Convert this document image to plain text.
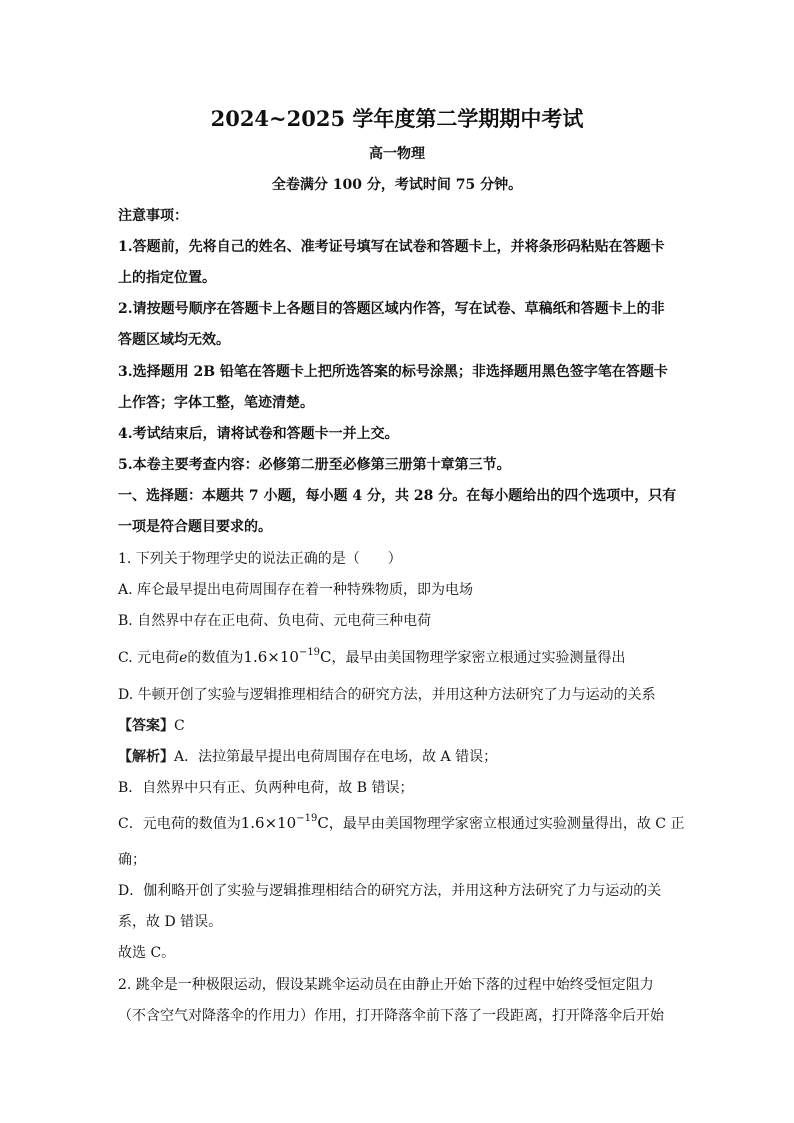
2024~2025 学年度第二学期期中考试
高一物理
全卷满分 100 分，考试时间 75 分钟。
注意事项：
1.答题前，先将自己的姓名、准考证号填写在试卷和答题卡上，并将条形码粘贴在答题卡
上的指定位置。
2.请按题号顺序在答题卡上各题目的答题区域内作答，写在试卷、草稿纸和答题卡上的非
答题区域均无效。
3.选择题用 2B 铅笔在答题卡上把所选答案的标号涂黑；非选择题用黑色签字笔在答题卡
上作答；字体工整，笔迹清楚。
4.考试结束后，请将试卷和答题卡一并上交。
5.本卷主要考查内容：必修第二册至必修第三册第十章第三节。
一、选择题：本题共 7 小题，每小题 4 分，共 28 分。在每小题给出的四个选项中，只有
一项是符合题目要求的。
1. 下列关于物理学史的说法正确的是（　　）
A. 库仑最早提出电荷周围存在着一种特殊物质，即为电场
B. 自然界中存在正电荷、负电荷、元电荷三种电荷
C. 元电荷e的数值为$1.6\times 10^{-19}C$，最早由美国物理学家密立根通过实验测量得出
D. 牛顿开创了实验与逻辑推理相结合的研究方法，并用这种方法研究了力与运动的关系
【答案】C
【解析】A．法拉第最早提出电荷周围存在电场，故 A 错误；
B．自然界中只有正、负两种电荷，故 B 错误；
C．元电荷的数值为$1.6\times 10^{-19}C$，最早由美国物理学家密立根通过实验测量得出，故 C 正
确；
D．伽利略开创了实验与逻辑推理相结合的研究方法，并用这种方法研究了力与运动的关
系，故 D 错误。
故选 C。
2. 跳伞是一种极限运动，假设某跳伞运动员在由静止开始下落的过程中始终受恒定阻力
（不含空气对降落伞的作用力）作用，打开降落伞前下落了一段距离，打开降落伞后开始
